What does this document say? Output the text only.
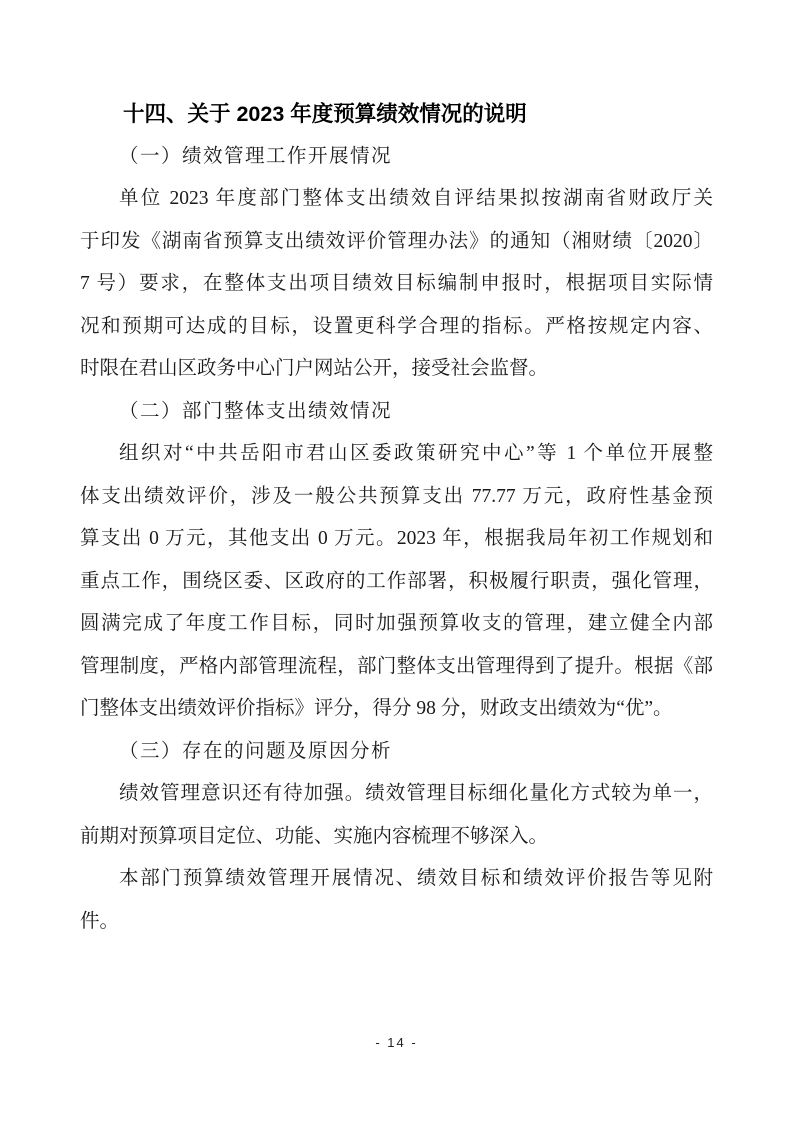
十四、关于 2023 年度预算绩效情况的说明
（一）绩效管理工作开展情况
单位 2023 年度部门整体支出绩效自评结果拟按湖南省财政厅关
于印发《湖南省预算支出绩效评价管理办法》的通知（湘财绩〔2020〕
7 号）要求，在整体支出项目绩效目标编制申报时，根据项目实际情
况和预期可达成的目标，设置更科学合理的指标。严格按规定内容、
时限在君山区政务中心门户网站公开，接受社会监督。
（二）部门整体支出绩效情况
组织对“中共岳阳市君山区委政策研究中心”等 1 个单位开展整
体支出绩效评价，涉及一般公共预算支出 77.77 万元，政府性基金预
算支出 0 万元，其他支出 0 万元。2023 年，根据我局年初工作规划和
重点工作，围绕区委、区政府的工作部署，积极履行职责，强化管理，
圆满完成了年度工作目标，同时加强预算收支的管理，建立健全内部
管理制度，严格内部管理流程，部门整体支出管理得到了提升。根据《部
门整体支出绩效评价指标》评分，得分 98 分，财政支出绩效为“优”。
（三）存在的问题及原因分析
绩效管理意识还有待加强。绩效管理目标细化量化方式较为单一，
前期对预算项目定位、功能、实施内容梳理不够深入。
本部门预算绩效管理开展情况、绩效目标和绩效评价报告等见附
件。
- 14 -
